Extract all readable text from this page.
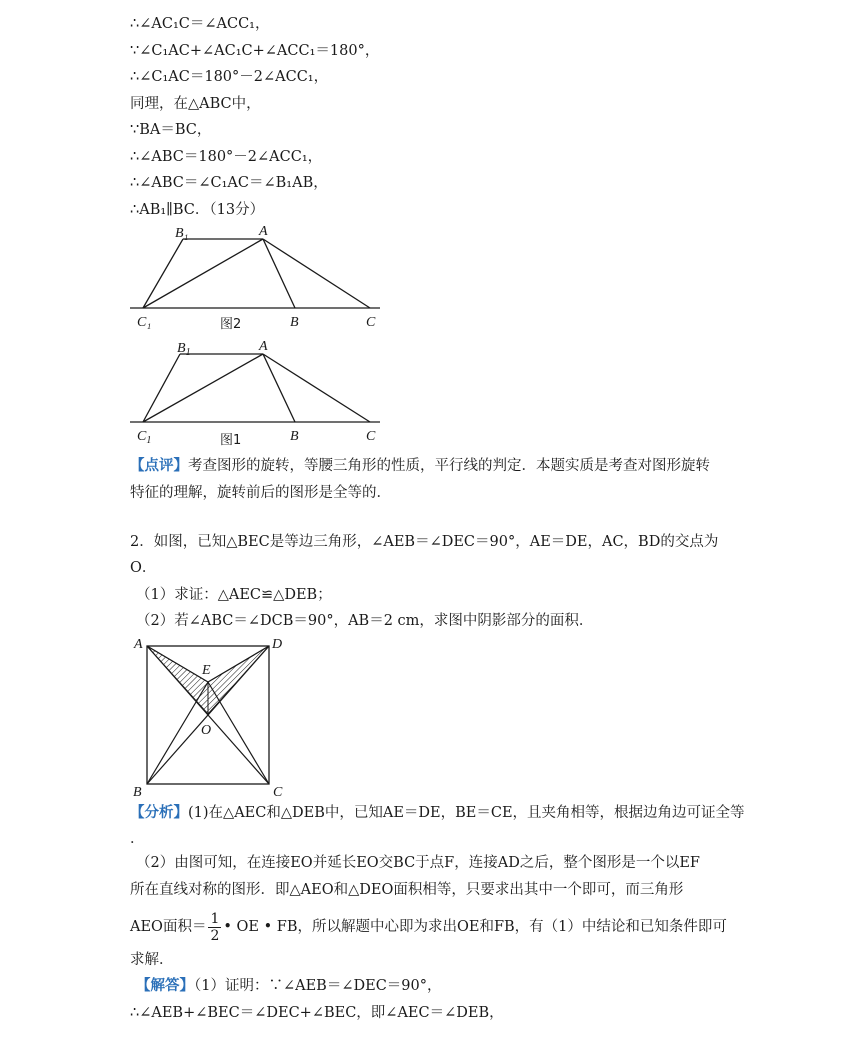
∴∠AC₁C＝∠ACC₁，
∵∠C₁AC+∠AC₁C+∠ACC₁＝180°，
∴∠C₁AC＝180°－2∠ACC₁，
同理，在△ABC中，
∵BA＝BC，
∴∠ABC＝180°－2∠ACC₁，
∴∠ABC＝∠C₁AC＝∠B₁AB，
∴AB₁∥BC．（13分）
B₁	A
C₁	B	C
图2
$B_1$	A
$C_1$	B	C
图1
【点评】考查图形的旋转，等腰三角形的性质，平行线的判定．本题实质是考查对图形旋转
特征的理解，旋转前后的图形是全等的．
2．如图，已知△BEC是等边三角形，∠AEB＝∠DEC＝90°，AE＝DE，AC，BD的交点为
O．
（1）求证：△AEC≌△DEB；
（2）若∠ABC＝∠DCB＝90°，AB＝2 cm，求图中阴影部分的面积．
A	D
E
O
B	C
【分析】(1)在△AEC和△DEB中，已知AE＝DE，BE＝CE，且夹角相等，根据边角边可证全等
．
（2）由图可知，在连接EO并延长EO交BC于点F，连接AD之后，整个图形是一个以EF
所在直线对称的图形．即△AEO和△DEO面积相等，只要求出其中一个即可，而三角形
AEO面积＝ $\frac{1}{2}$ • OE • FB，所以解题中心即为求出OE和FB，有（1）中结论和已知条件即可
求解．
【解答】（1）证明：∵∠AEB＝∠DEC＝90°，
∴∠AEB+∠BEC＝∠DEC+∠BEC，即∠AEC＝∠DEB，
